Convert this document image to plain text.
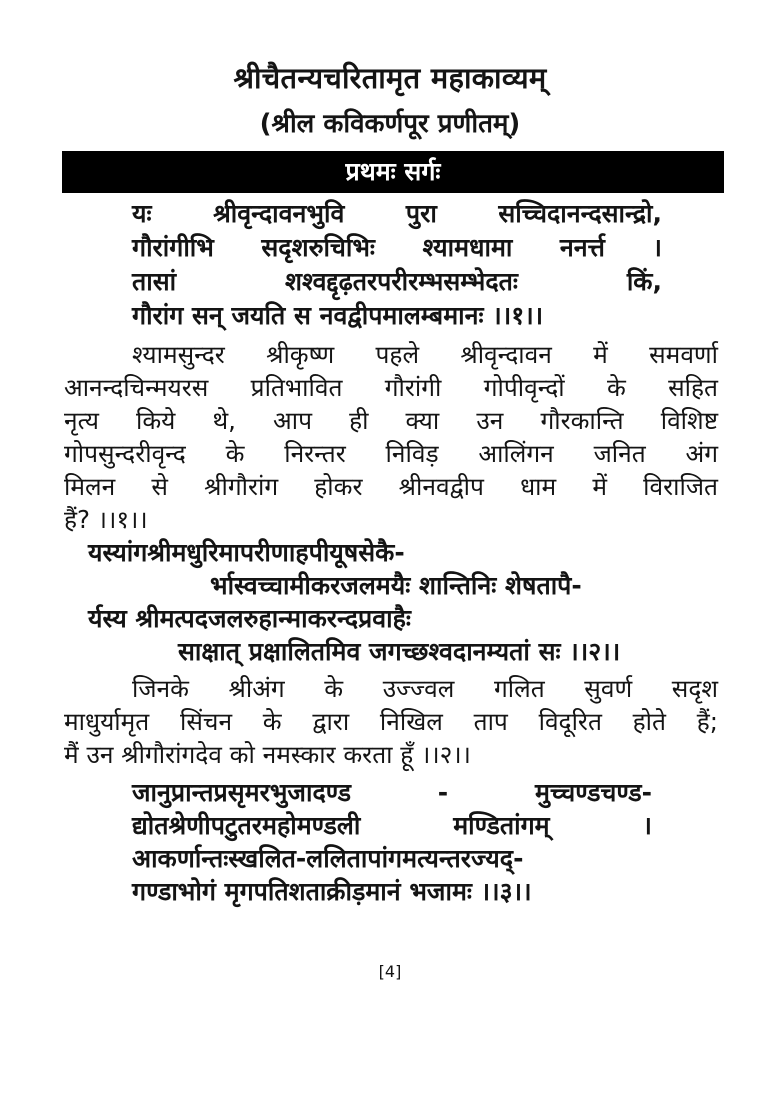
श्रीचैतन्यचरितामृत महाकाव्यम्
(श्रील कविकर्णपूर प्रणीतम्)
प्रथमः सर्गः
यः श्रीवृन्दावनभुवि पुरा सच्चिदानन्दसान्द्रो,
गौरांगीभि सदृशरुचिभिः श्यामधामा ननर्त्त ।
तासां शश्वद्दृढ़तरपरीरम्भसम्भेदतः किं,
गौरांग सन् जयति स नवद्वीपमालम्बमानः ।।१।।
श्यामसुन्दर श्रीकृष्ण पहले श्रीवृन्दावन में समवर्णा
आनन्दचिन्मयरस प्रतिभावित गौरांगी गोपीवृन्दों के सहित
नृत्य किये थे, आप ही क्या उन गौरकान्ति विशिष्ट
गोपसुन्दरीवृन्द के निरन्तर निविड़ आलिंगन जनित अंग
मिलन से श्रीगौरांग होकर श्रीनवद्वीप धाम में विराजित
हैं? ।।१।।
यस्यांगश्रीमधुरिमापरीणाहपीयूषसेकै-
र्भास्वच्चामीकरजलमयैः शान्तिनिः शेषतापै-
र्यस्य श्रीमत्पदजलरुहान्माकरन्दप्रवाहैः
साक्षात् प्रक्षालितमिव जगच्छश्वदानम्यतां सः ।।२।।
जिनके श्रीअंग के उज्ज्वल गलित सुवर्ण सदृश
माधुर्यामृत सिंचन के द्वारा निखिल ताप विदूरित होते हैं;
मैं उन श्रीगौरांगदेव को नमस्कार करता हूँ ।।२।।
जानुप्रान्तप्रसृमरभुजादण्ड - मुच्चण्डचण्ड-
द्योतश्रेणीपटुतरमहोमण्डली मण्डितांगम् ।
आकर्णान्तःस्खलित-ललितापांगमत्यन्तरज्यद्-
गण्डाभोगं मृगपतिशताक्रीड़मानं भजामः ।।३।।
[4]
